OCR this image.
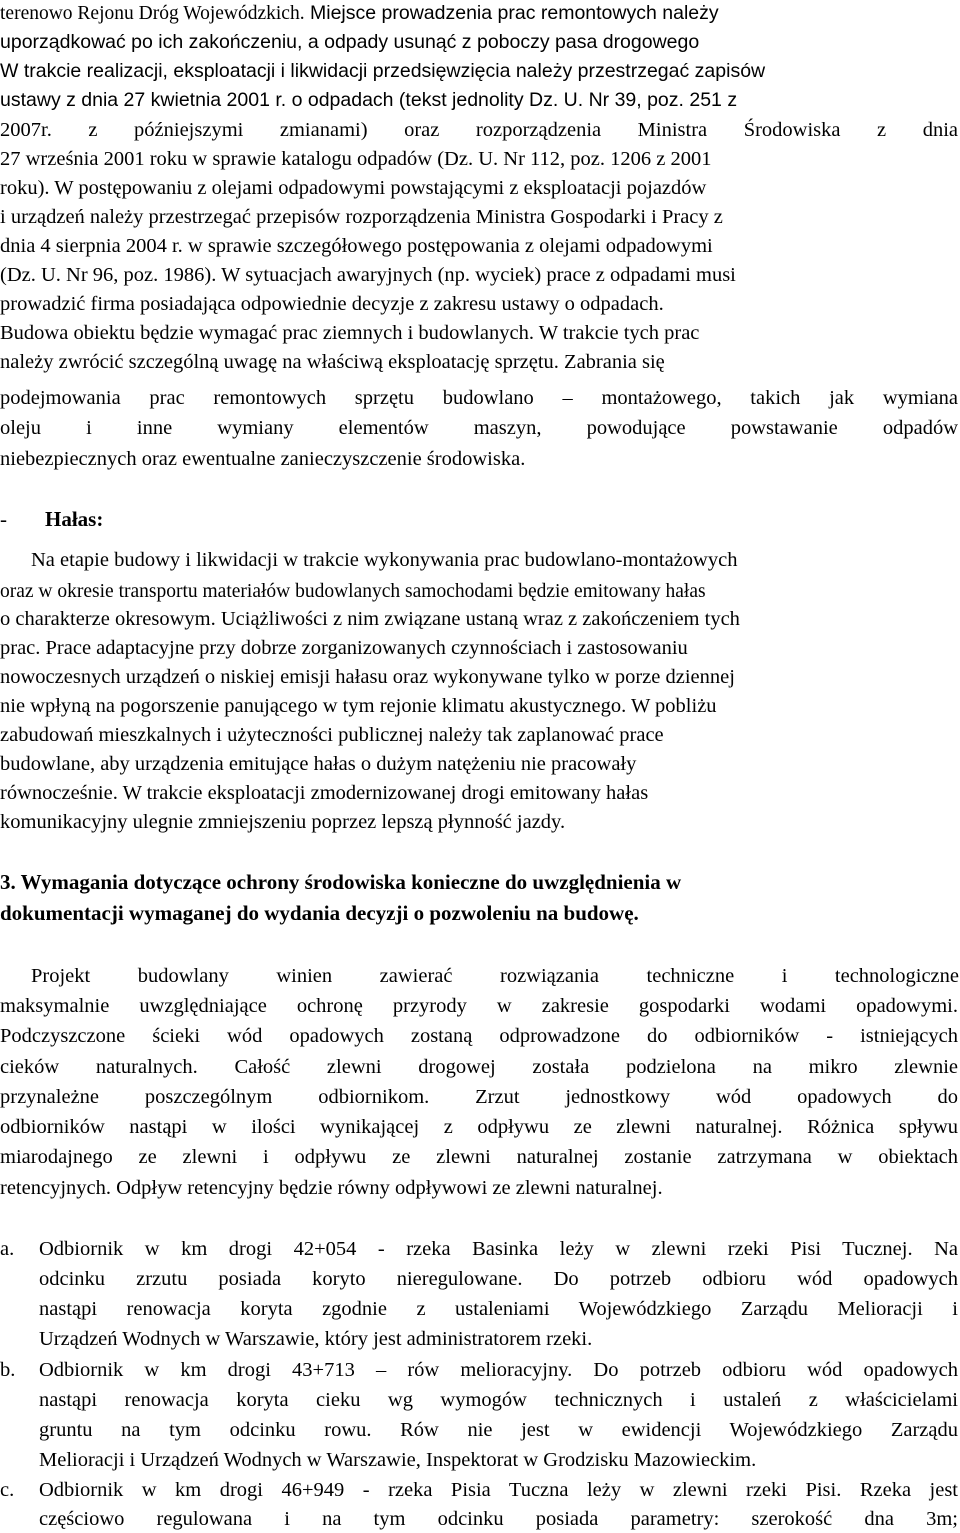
terenowo Rejonu Dróg Wojewódzkich. Miejsce prowadzenia prac remontowych należy

uporządkować po ich zakończeniu, a odpady usunąć z poboczy pasa drogowego

W trakcie realizacji, eksploatacji i likwidacji przedsięwzięcia należy przestrzegać zapisów

ustawy z dnia 27 kwietnia 2001 r. o odpadach (tekst jednolity Dz. U. Nr 39, poz. 251 z

2007r. z późniejszymi zmianami) oraz rozporządzenia Ministra Środowiska z dnia

27 września 2001 roku w sprawie katalogu odpadów (Dz. U. Nr 112, poz. 1206 z 2001

roku). W postępowaniu z olejami odpadowymi powstającymi z eksploatacji pojazdów

i urządzeń należy przestrzegać przepisów rozporządzenia Ministra Gospodarki i Pracy z

dnia 4 sierpnia 2004 r. w sprawie szczegółowego postępowania z olejami odpadowymi

(Dz. U. Nr 96, poz. 1986). W sytuacjach awaryjnych (np. wyciek) prace z odpadami musi

prowadzić firma posiadająca odpowiednie decyzje z zakresu ustawy o odpadach.

Budowa obiektu będzie wymagać prac ziemnych i budowlanych. W trakcie tych prac

należy zwrócić szczególną uwagę na właściwą eksploatację sprzętu. Zabrania się

podejmowania prac remontowych sprzętu budowlano – montażowego, takich jak wymiana

oleju i inne wymiany elementów maszyn, powodujące powstawanie odpadów

niebezpiecznych oraz ewentualne zanieczyszczenie środowiska.

- Hałas:

Na etapie budowy i likwidacji w trakcie wykonywania prac budowlano-montażowych

oraz w okresie transportu materiałów budowlanych samochodami będzie emitowany hałas

o charakterze okresowym. Uciążliwości z nim związane ustaną wraz z zakończeniem tych

prac. Prace adaptacyjne przy dobrze zorganizowanych czynnościach i zastosowaniu

nowoczesnych urządzeń o niskiej emisji hałasu oraz wykonywane tylko w porze dziennej

nie wpłyną na pogorszenie panującego w tym rejonie klimatu akustycznego. W pobliżu

zabudowań mieszkalnych i użyteczności publicznej należy tak zaplanować prace

budowlane, aby urządzenia emitujące hałas o dużym natężeniu nie pracowały

równocześnie. W trakcie eksploatacji zmodernizowanej drogi emitowany hałas

komunikacyjny ulegnie zmniejszeniu poprzez lepszą płynność jazdy.

3. Wymagania dotyczące ochrony środowiska konieczne do uwzględnienia w

dokumentacji wymaganej do wydania decyzji o pozwoleniu na budowę.

Projekt budowlany winien zawierać rozwiązania techniczne i technologiczne

maksymalnie uwzględniające ochronę przyrody w zakresie gospodarki wodami opadowymi.

Podczyszczone ścieki wód opadowych zostaną odprowadzone do odbiorników - istniejących

cieków naturalnych. Całość zlewni drogowej została podzielona na mikro zlewnie

przynależne poszczególnym odbiornikom. Zrzut jednostkowy wód opadowych do

odbiorników nastąpi w ilości wynikającej z odpływu ze zlewni naturalnej. Różnica spływu

miarodajnego ze zlewni i odpływu ze zlewni naturalnej zostanie zatrzymana w obiektach

retencyjnych. Odpływ retencyjny będzie równy odpływowi ze zlewni naturalnej.

a. Odbiornik w km drogi 42+054 - rzeka Basinka leży w zlewni rzeki Pisi Tucznej. Na

odcinku zrzutu posiada koryto nieregulowane. Do potrzeb odbioru wód opadowych

nastąpi renowacja koryta zgodnie z ustaleniami Wojewódzkiego Zarządu Melioracji i

Urządzeń Wodnych w Warszawie, który jest administratorem rzeki.

b. Odbiornik w km drogi 43+713 – rów melioracyjny. Do potrzeb odbioru wód opadowych

nastąpi renowacja koryta cieku wg wymogów technicznych i ustaleń z właścicielami

gruntu na tym odcinku rowu. Rów nie jest w ewidencji Wojewódzkiego Zarządu

Melioracji i Urządzeń Wodnych w Warszawie, Inspektorat w Grodzisku Mazowieckim.

c. Odbiornik w km drogi 46+949 - rzeka Pisia Tuczna leży w zlewni rzeki Pisi. Rzeka jest

częściowo regulowana i na tym odcinku posiada parametry: szerokość dna 3m;
